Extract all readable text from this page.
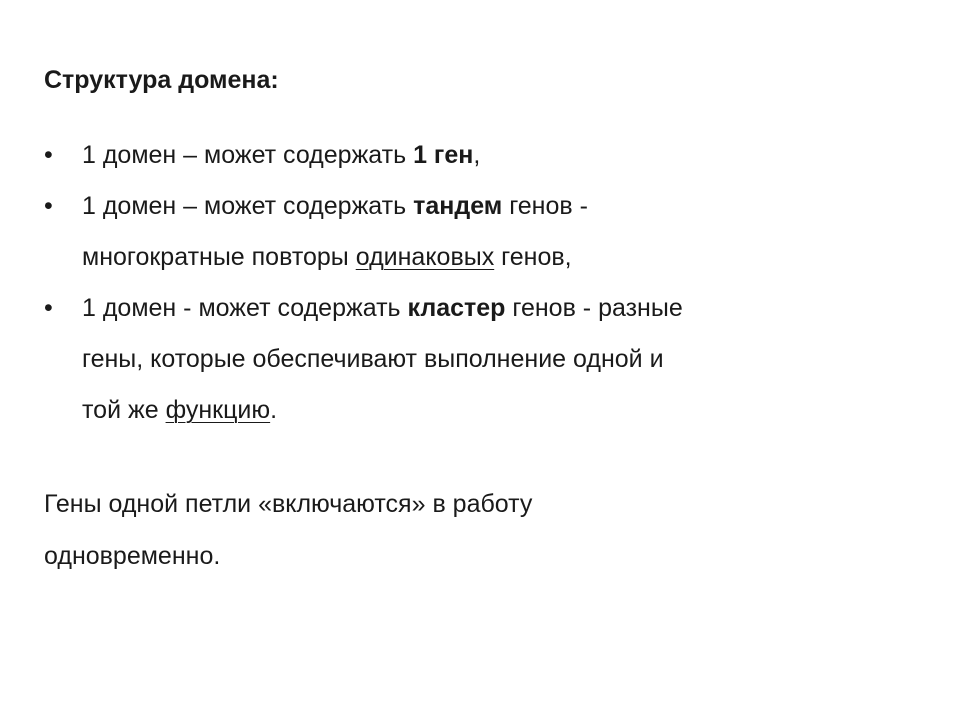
Структура домена:
•	1 домен – может содержать 1 ген,
•	1 домен – может содержать тандем генов -
многократные повторы одинаковых генов,
•	1 домен - может содержать кластер генов - разные
гены, которые обеспечивают выполнение одной и
той же функцию.
Гены одной петли «включаются» в работу
одновременно.
